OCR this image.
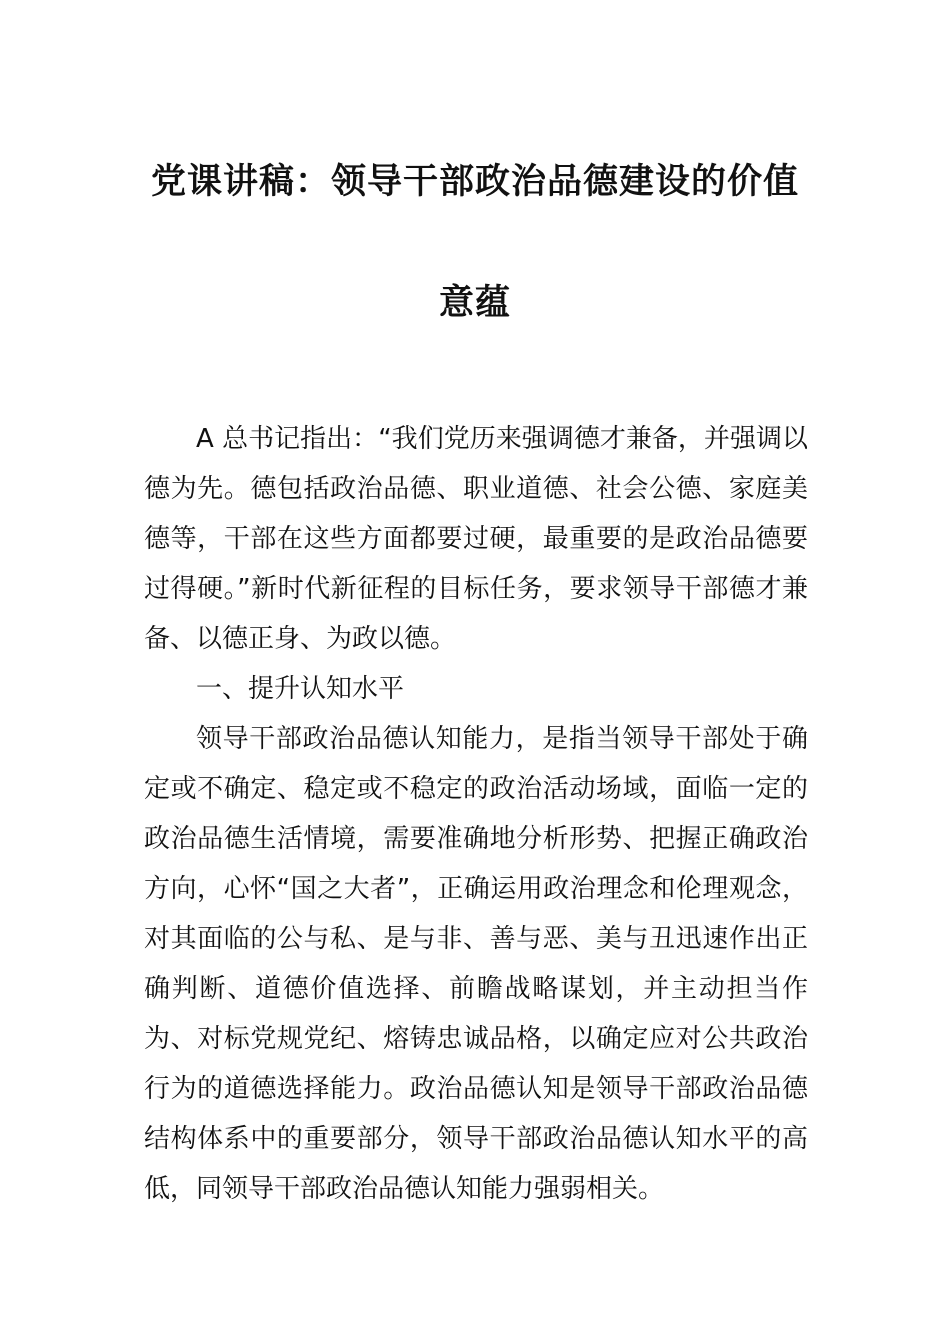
党课讲稿：领导干部政治品德建设的价值
意蕴

A 总书记指出：“我们党历来强调德才兼备，并强调以德为先。德包括政治品德、职业道德、社会公德、家庭美德等，干部在这些方面都要过硬，最重要的是政治品德要过得硬。”新时代新征程的目标任务，要求领导干部德才兼备、以德正身、为政以德。

一、提升认知水平

领导干部政治品德认知能力，是指当领导干部处于确定或不确定、稳定或不稳定的政治活动场域，面临一定的政治品德生活情境，需要准确地分析形势、把握正确政治方向，心怀“国之大者”，正确运用政治理念和伦理观念，对其面临的公与私、是与非、善与恶、美与丑迅速作出正确判断、道德价值选择、前瞻战略谋划，并主动担当作为、对标党规党纪、熔铸忠诚品格，以确定应对公共政治行为的道德选择能力。政治品德认知是领导干部政治品德结构体系中的重要部分，领导干部政治品德认知水平的高低，同领导干部政治品德认知能力强弱相关。
